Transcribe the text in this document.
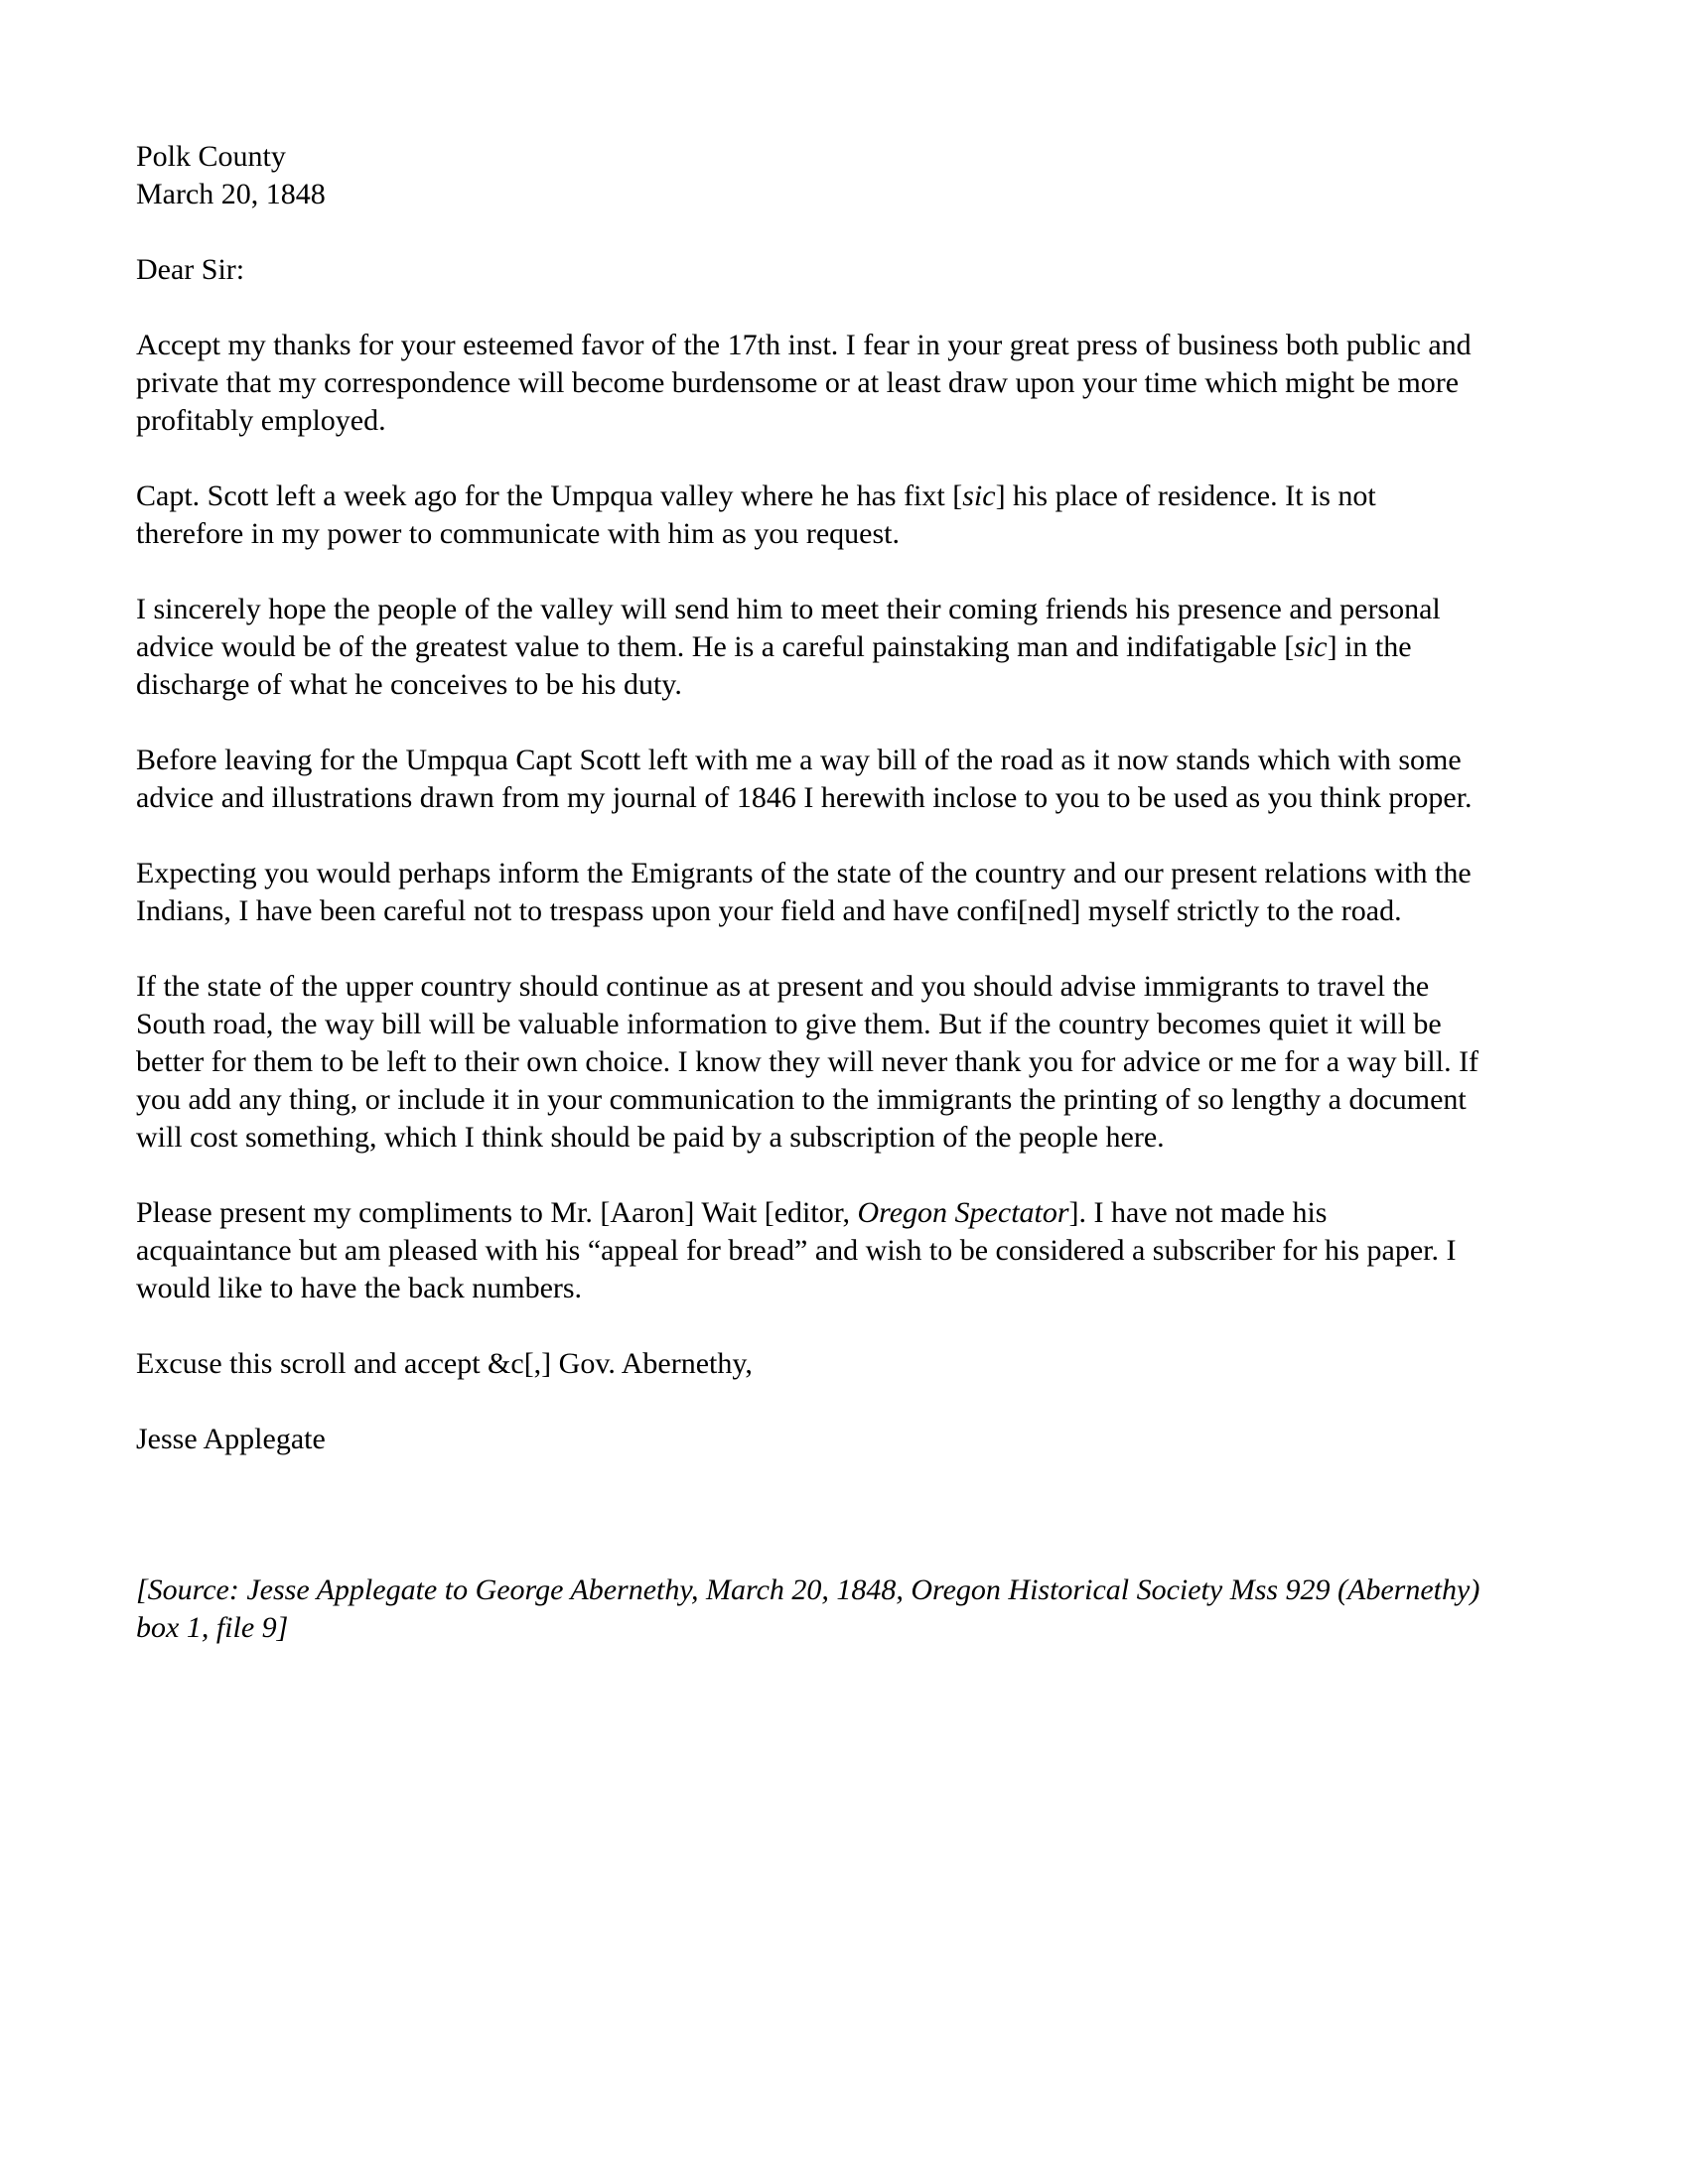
Polk County
March 20, 1848

Dear Sir:

Accept my thanks for your esteemed favor of the 17th inst. I fear in your great press of business both public and private that my correspondence will become burdensome or at least draw upon your time which might be more profitably employed.

Capt. Scott left a week ago for the Umpqua valley where he has fixt [sic] his place of residence. It is not therefore in my power to communicate with him as you request.

I sincerely hope the people of the valley will send him to meet their coming friends his presence and personal advice would be of the greatest value to them. He is a careful painstaking man and indifatigable [sic] in the discharge of what he conceives to be his duty.

Before leaving for the Umpqua Capt Scott left with me a way bill of the road as it now stands which with some advice and illustrations drawn from my journal of 1846 I herewith inclose to you to be used as you think proper.

Expecting you would perhaps inform the Emigrants of the state of the country and our present relations with the Indians, I have been careful not to trespass upon your field and have confi[ned] myself strictly to the road.

If the state of the upper country should continue as at present and you should advise immigrants to travel the South road, the way bill will be valuable information to give them. But if the country becomes quiet it will be better for them to be left to their own choice. I know they will never thank you for advice or me for a way bill. If you add any thing, or include it in your communication to the immigrants the printing of so lengthy a document will cost something, which I think should be paid by a subscription of the people here.

Please present my compliments to Mr. [Aaron] Wait [editor, Oregon Spectator]. I have not made his acquaintance but am pleased with his “appeal for bread” and wish to be considered a subscriber for his paper. I would like to have the back numbers.

Excuse this scroll and accept &c[,] Gov. Abernethy,

Jesse Applegate

[Source: Jesse Applegate to George Abernethy, March 20, 1848, Oregon Historical Society Mss 929 (Abernethy) box 1, file 9]
